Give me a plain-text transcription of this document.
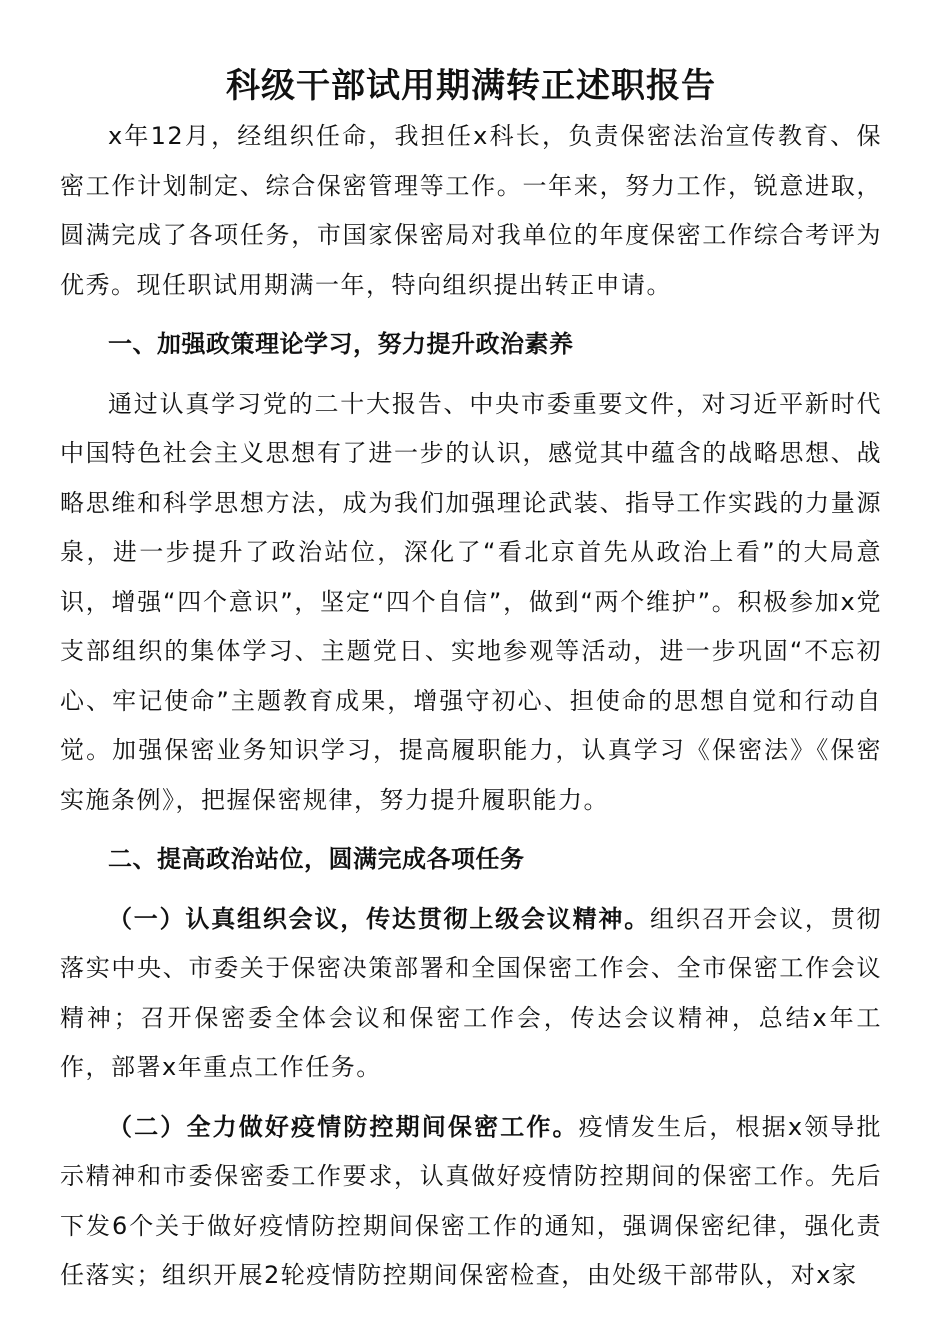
科级干部试用期满转正述职报告

x年12月，经组织任命，我担任x科长，负责保密法治宣传教育、保密工作计划制定、综合保密管理等工作。一年来，努力工作，锐意进取，圆满完成了各项任务，市国家保密局对我单位的年度保密工作综合考评为优秀。现任职试用期满一年，特向组织提出转正申请。

一、加强政策理论学习，努力提升政治素养

通过认真学习党的二十大报告、中央市委重要文件，对习近平新时代中国特色社会主义思想有了进一步的认识，感觉其中蕴含的战略思想、战略思维和科学思想方法，成为我们加强理论武装、指导工作实践的力量源泉，进一步提升了政治站位，深化了“看北京首先从政治上看”的大局意识，增强“四个意识”，坚定“四个自信”，做到“两个维护”。积极参加x党支部组织的集体学习、主题党日、实地参观等活动，进一步巩固“不忘初心、牢记使命”主题教育成果，增强守初心、担使命的思想自觉和行动自觉。加强保密业务知识学习，提高履职能力，认真学习《保密法》《保密实施条例》，把握保密规律，努力提升履职能力。

二、提高政治站位，圆满完成各项任务

（一）认真组织会议，传达贯彻上级会议精神。组织召开会议，贯彻落实中央、市委关于保密决策部署和全国保密工作会、全市保密工作会议精神；召开保密委全体会议和保密工作会，传达会议精神，总结x年工作，部署x年重点工作任务。

（二）全力做好疫情防控期间保密工作。疫情发生后，根据x领导批示精神和市委保密委工作要求，认真做好疫情防控期间的保密工作。先后下发6个关于做好疫情防控期间保密工作的通知，强调保密纪律，强化责任落实；组织开展2轮疫情防控期间保密检查，由处级干部带队，对x家
